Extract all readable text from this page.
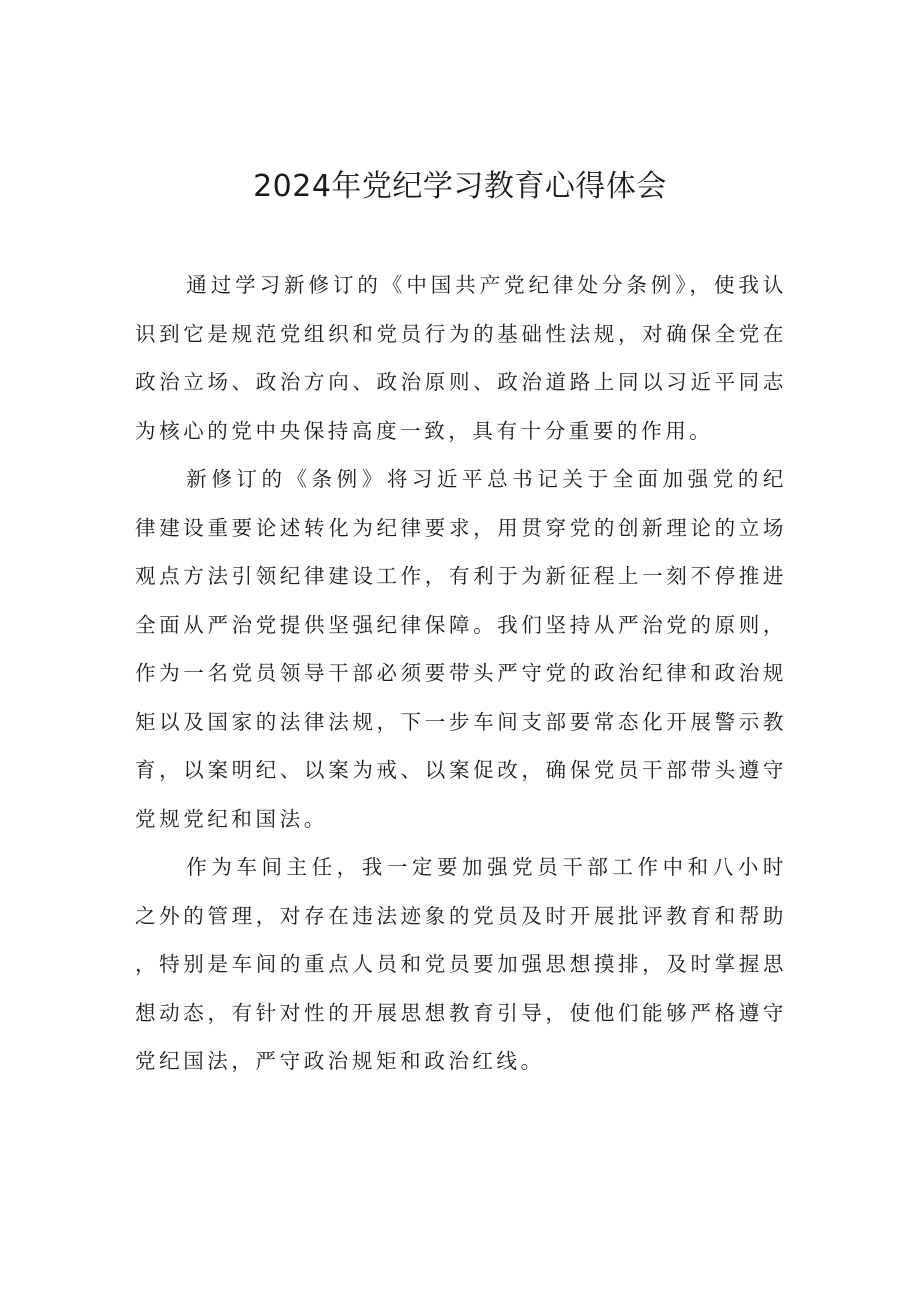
2024年党纪学习教育心得体会

通过学习新修订的《中国共产党纪律处分条例》，使我认识到它是规范党组织和党员行为的基础性法规，对确保全党在政治立场、政治方向、政治原则、政治道路上同以习近平同志为核心的党中央保持高度一致，具有十分重要的作用。

新修订的《条例》将习近平总书记关于全面加强党的纪律建设重要论述转化为纪律要求，用贯穿党的创新理论的立场观点方法引领纪律建设工作，有利于为新征程上一刻不停推进全面从严治党提供坚强纪律保障。我们坚持从严治党的原则，作为一名党员领导干部必须要带头严守党的政治纪律和政治规矩以及国家的法律法规，下一步车间支部要常态化开展警示教育，以案明纪、以案为戒、以案促改，确保党员干部带头遵守党规党纪和国法。

作为车间主任，我一定要加强党员干部工作中和八小时之外的管理，对存在违法迹象的党员及时开展批评教育和帮助，特别是车间的重点人员和党员要加强思想摸排，及时掌握思想动态，有针对性的开展思想教育引导，使他们能够严格遵守党纪国法，严守政治规矩和政治红线。
